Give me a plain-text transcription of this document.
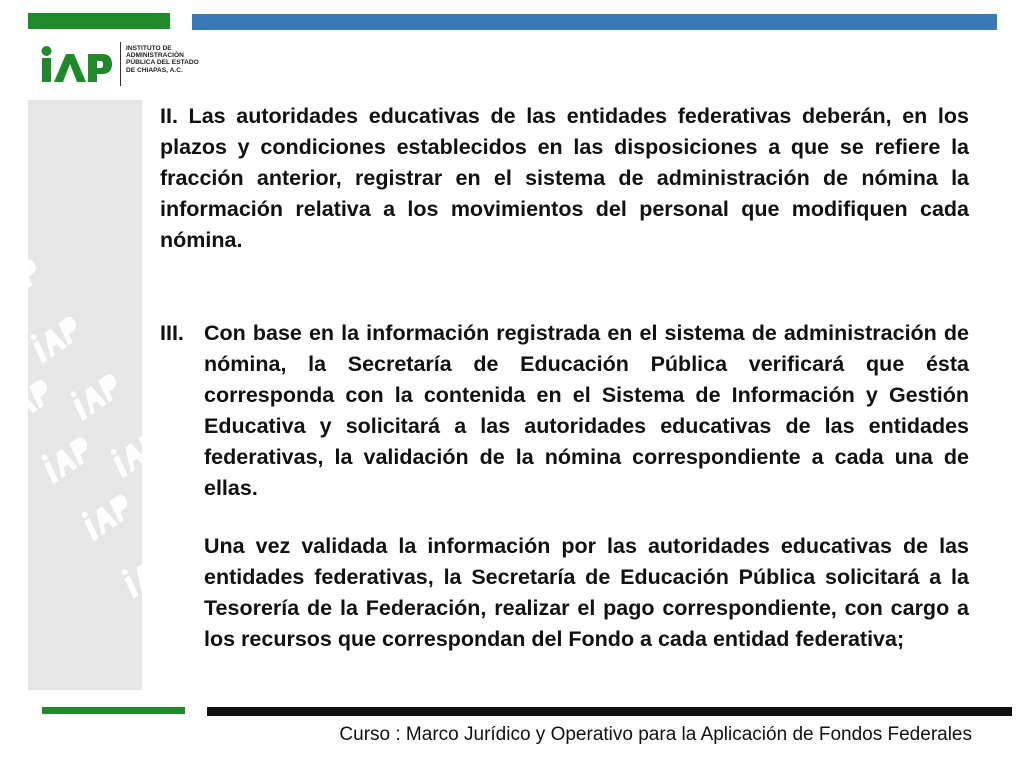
INSTITUTO DE
ADMINISTRACIÓN
PÚBLICA DEL ESTADO
DE CHIAPAS, A.C.

II. Las autoridades educativas de las entidades federativas deberán, en los plazos y condiciones establecidos en las disposiciones a que se refiere la fracción anterior, registrar en el sistema de administración de nómina la información relativa a los movimientos del personal que modifiquen cada nómina.

III. Con base en la información registrada en el sistema de administración de nómina, la Secretaría de Educación Pública verificará que ésta corresponda con la contenida en el Sistema de Información y Gestión Educativa y solicitará a las autoridades educativas de las entidades federativas, la validación de la nómina correspondiente a cada una de ellas.

Una vez validada la información por las autoridades educativas de las entidades federativas, la Secretaría de Educación Pública solicitará a la Tesorería de la Federación, realizar el pago correspondiente, con cargo a los recursos que correspondan del Fondo a cada entidad federativa;

Curso : Marco Jurídico y Operativo para la Aplicación de Fondos Federales
